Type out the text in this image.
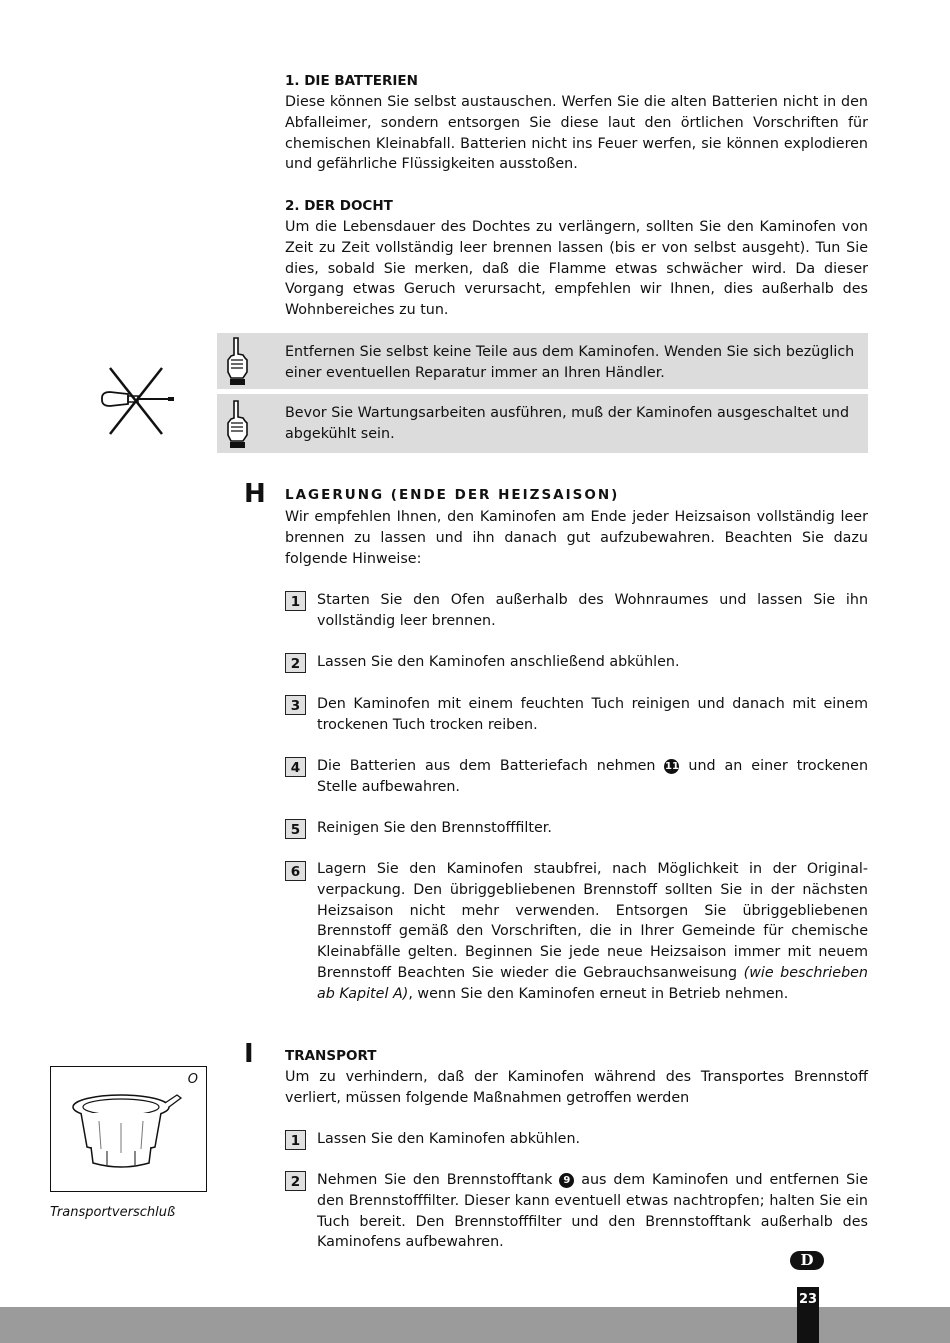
1. DIE BATTERIEN
Diese können Sie selbst austauschen. Werfen Sie die alten Batterien nicht in den Abfalleimer, sondern entsorgen Sie diese laut den örtlichen Vorschriften für chemischen Kleinabfall. Batterien nicht ins Feuer werfen, sie können explodieren und gefährliche Flüssigkeiten ausstoßen.
2. DER DOCHT
Um die Lebensdauer des Dochtes zu verlängern, sollten Sie den Kaminofen von Zeit zu Zeit vollständig leer brennen lassen (bis er von selbst ausgeht). Tun Sie dies, sobald Sie merken, daß die Flamme etwas schwächer wird. Da dieser Vorgang etwas Geruch verursacht, empfehlen wir Ihnen, dies außerhalb des Wohnbereiches zu tun.
Entfernen Sie selbst keine Teile aus dem Kaminofen. Wenden Sie sich bezüglich einer eventuellen Reparatur immer an Ihren Händler.
Bevor Sie Wartungsarbeiten ausführen, muß der Kaminofen ausgeschaltet und abgekühlt sein.
H LAGERUNG (ENDE DER HEIZSAISON)
Wir empfehlen Ihnen, den Kaminofen am Ende jeder Heizsaison vollständig leer brennen zu lassen und ihn danach gut aufzubewahren. Beachten Sie dazu folgende Hinweise:
1	Starten Sie den Ofen außerhalb des Wohnraumes und lassen Sie ihn vollständig leer brennen.
2	Lassen Sie den Kaminofen anschließend abkühlen.
3	Den Kaminofen mit einem feuchten Tuch reinigen und danach mit einem trockenen Tuch trocken reiben.
4	Die Batterien aus dem Batteriefach nehmen 11 und an einer trockenen Stelle aufbewahren.
5	Reinigen Sie den Brennstofffilter.
6	Lagern Sie den Kaminofen staubfrei, nach Möglichkeit in der Original-verpackung. Den übriggebliebenen Brennstoff sollten Sie in der nächsten Heizsaison nicht mehr verwenden. Entsorgen Sie übriggebliebenen Brennstoff gemäß den Vorschriften, die in Ihrer Gemeinde für chemische Kleinabfälle gelten. Beginnen Sie jede neue Heizsaison immer mit neuem Brennstoff Beachten Sie wieder die Gebrauchsanweisung (wie beschrieben ab Kapitel A), wenn Sie den Kaminofen erneut in Betrieb nehmen.
I TRANSPORT
Um zu verhindern, daß der Kaminofen während des Transportes Brennstoff verliert, müssen folgende Maßnahmen getroffen werden
1	Lassen Sie den Kaminofen abkühlen.
2	Nehmen Sie den Brennstofftank 9 aus dem Kaminofen und entfernen Sie den Brennstofffilter. Dieser kann eventuell etwas nachtropfen; halten Sie ein Tuch bereit. Den Brennstofffilter und den Brennstofftank außerhalb des Kaminofens aufbewahren.
O
Transportverschluß
D
23
